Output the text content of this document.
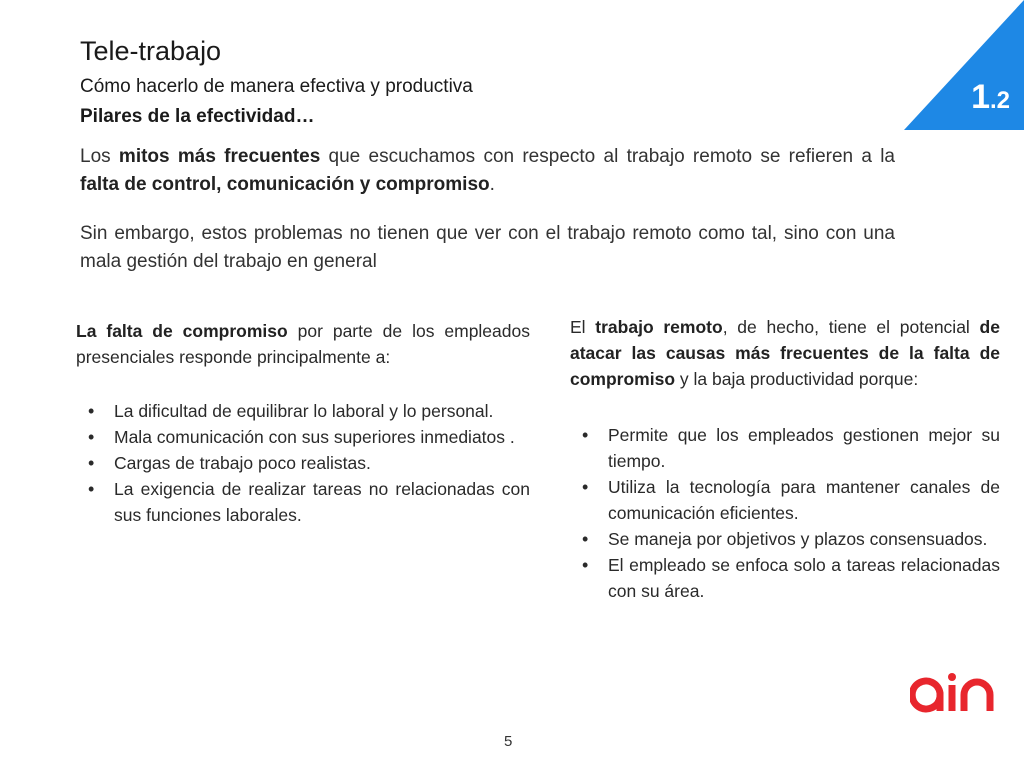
Tele-trabajo
Cómo hacerlo de manera efectiva y productiva
Pilares de la efectividad…
1.2
Los mitos más frecuentes que escuchamos con respecto al trabajo remoto se refieren a la falta de control, comunicación y compromiso.
Sin embargo, estos problemas no tienen que ver con el trabajo remoto como tal, sino con una mala gestión del trabajo en general
La falta de compromiso por parte de los empleados presenciales responde principalmente a:
• La dificultad de equilibrar lo laboral y lo personal.
• Mala comunicación con sus superiores inmediatos .
• Cargas de trabajo poco realistas.
• La exigencia de realizar tareas no relacionadas con sus funciones laborales.
El trabajo remoto, de hecho, tiene el potencial de atacar las causas más frecuentes de la falta de compromiso y la baja productividad porque:
• Permite que los empleados gestionen mejor su tiempo.
• Utiliza la tecnología para mantener canales de comunicación eficientes.
• Se maneja por objetivos y plazos consensuados.
• El empleado se enfoca solo a tareas relacionadas con su área.
5
